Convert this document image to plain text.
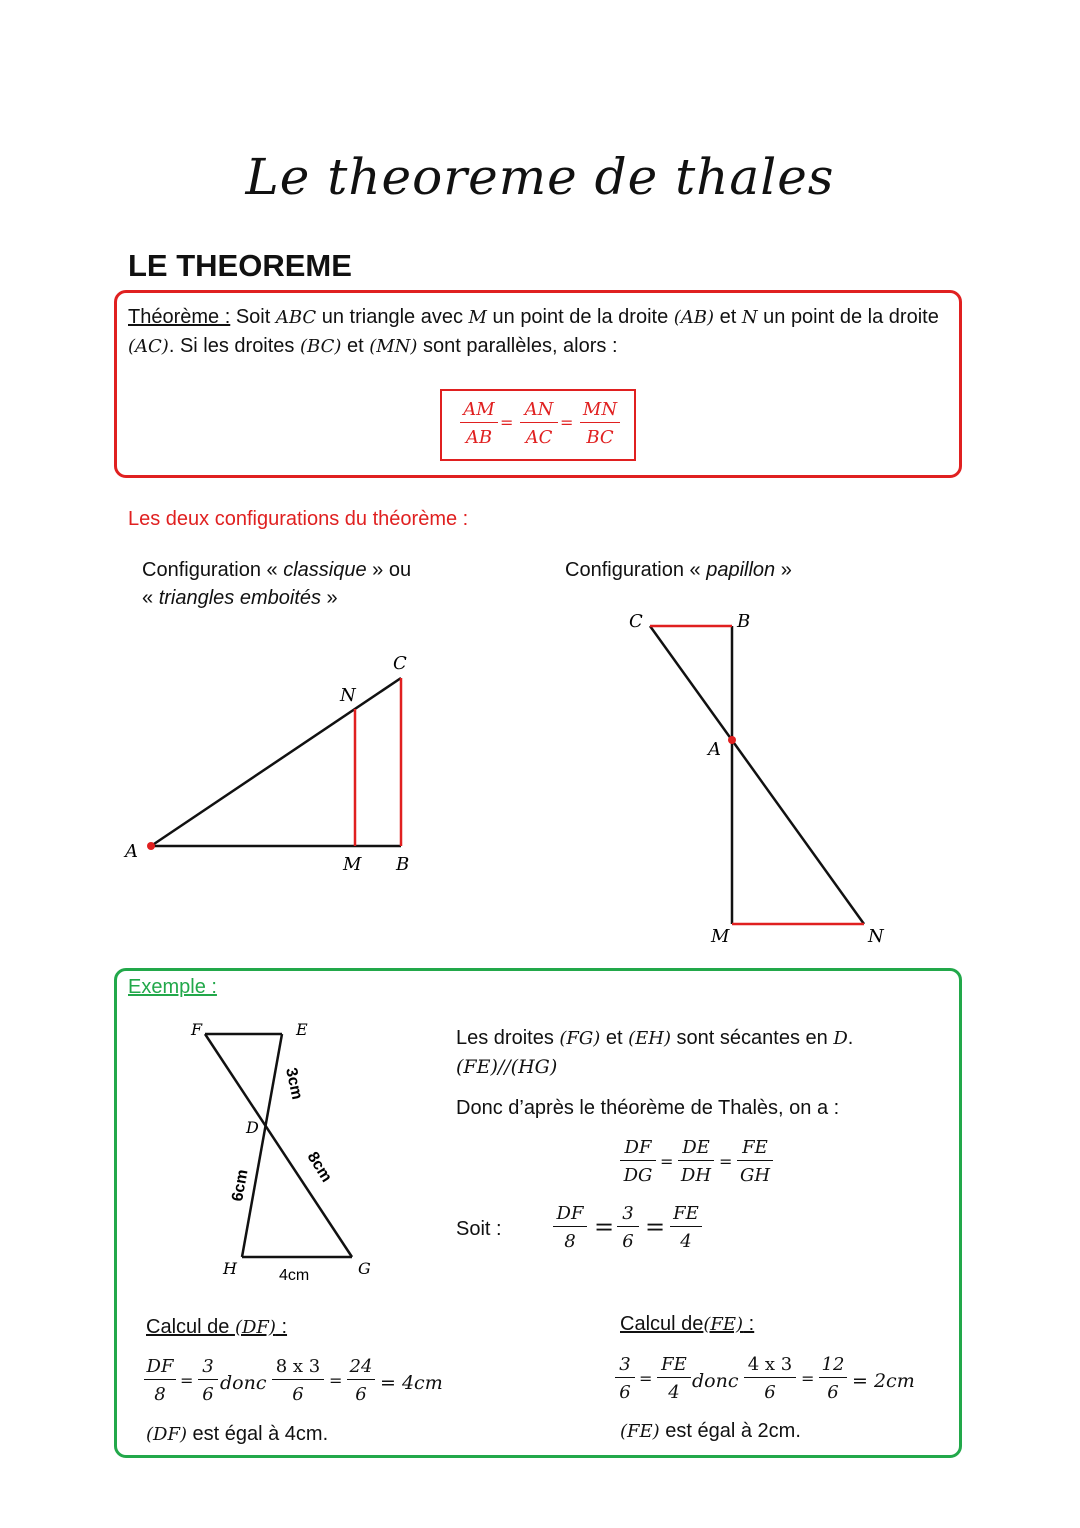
Le theoreme de thales
LE THEOREME
Théorème : Soit ABC un triangle avec M un point de la droite (AB) et N un point de la droite (AC). Si les droites (BC) et (MN) sont parallèles, alors :
$\frac{AM}{AB} = \frac{AN}{AC} = \frac{MN}{BC}$
Les deux configurations du théorème :
Configuration « classique » ou
« triangles emboités »
Configuration « papillon »
A
N
C
M B
C	B
A
M	N
Exemple :
F	E
D
H	G
3cm
8cm
6cm
4cm
Les droites (FG) et (EH) sont sécantes en D.
(FE)//(HG)
Donc d’après le théorème de Thalès, on a :
$\frac{DF}{DG} = \frac{DE}{DH} = \frac{FE}{GH}$
Soit :	$\frac{DF}{8} = \frac{3}{6} = \frac{FE}{4}$
Calcul de (DF) :
$\frac{DF}{8} = \frac{3}{6}$ donc $\frac{8 x 3}{6} = \frac{24}{6} = 4cm$
(DF) est égal à 4cm.
Calcul de(FE) :
$\frac{3}{6} = \frac{FE}{4}$ donc $\frac{4 x 3}{6} = \frac{12}{6} = 2cm$
(FE) est égal à 2cm.
